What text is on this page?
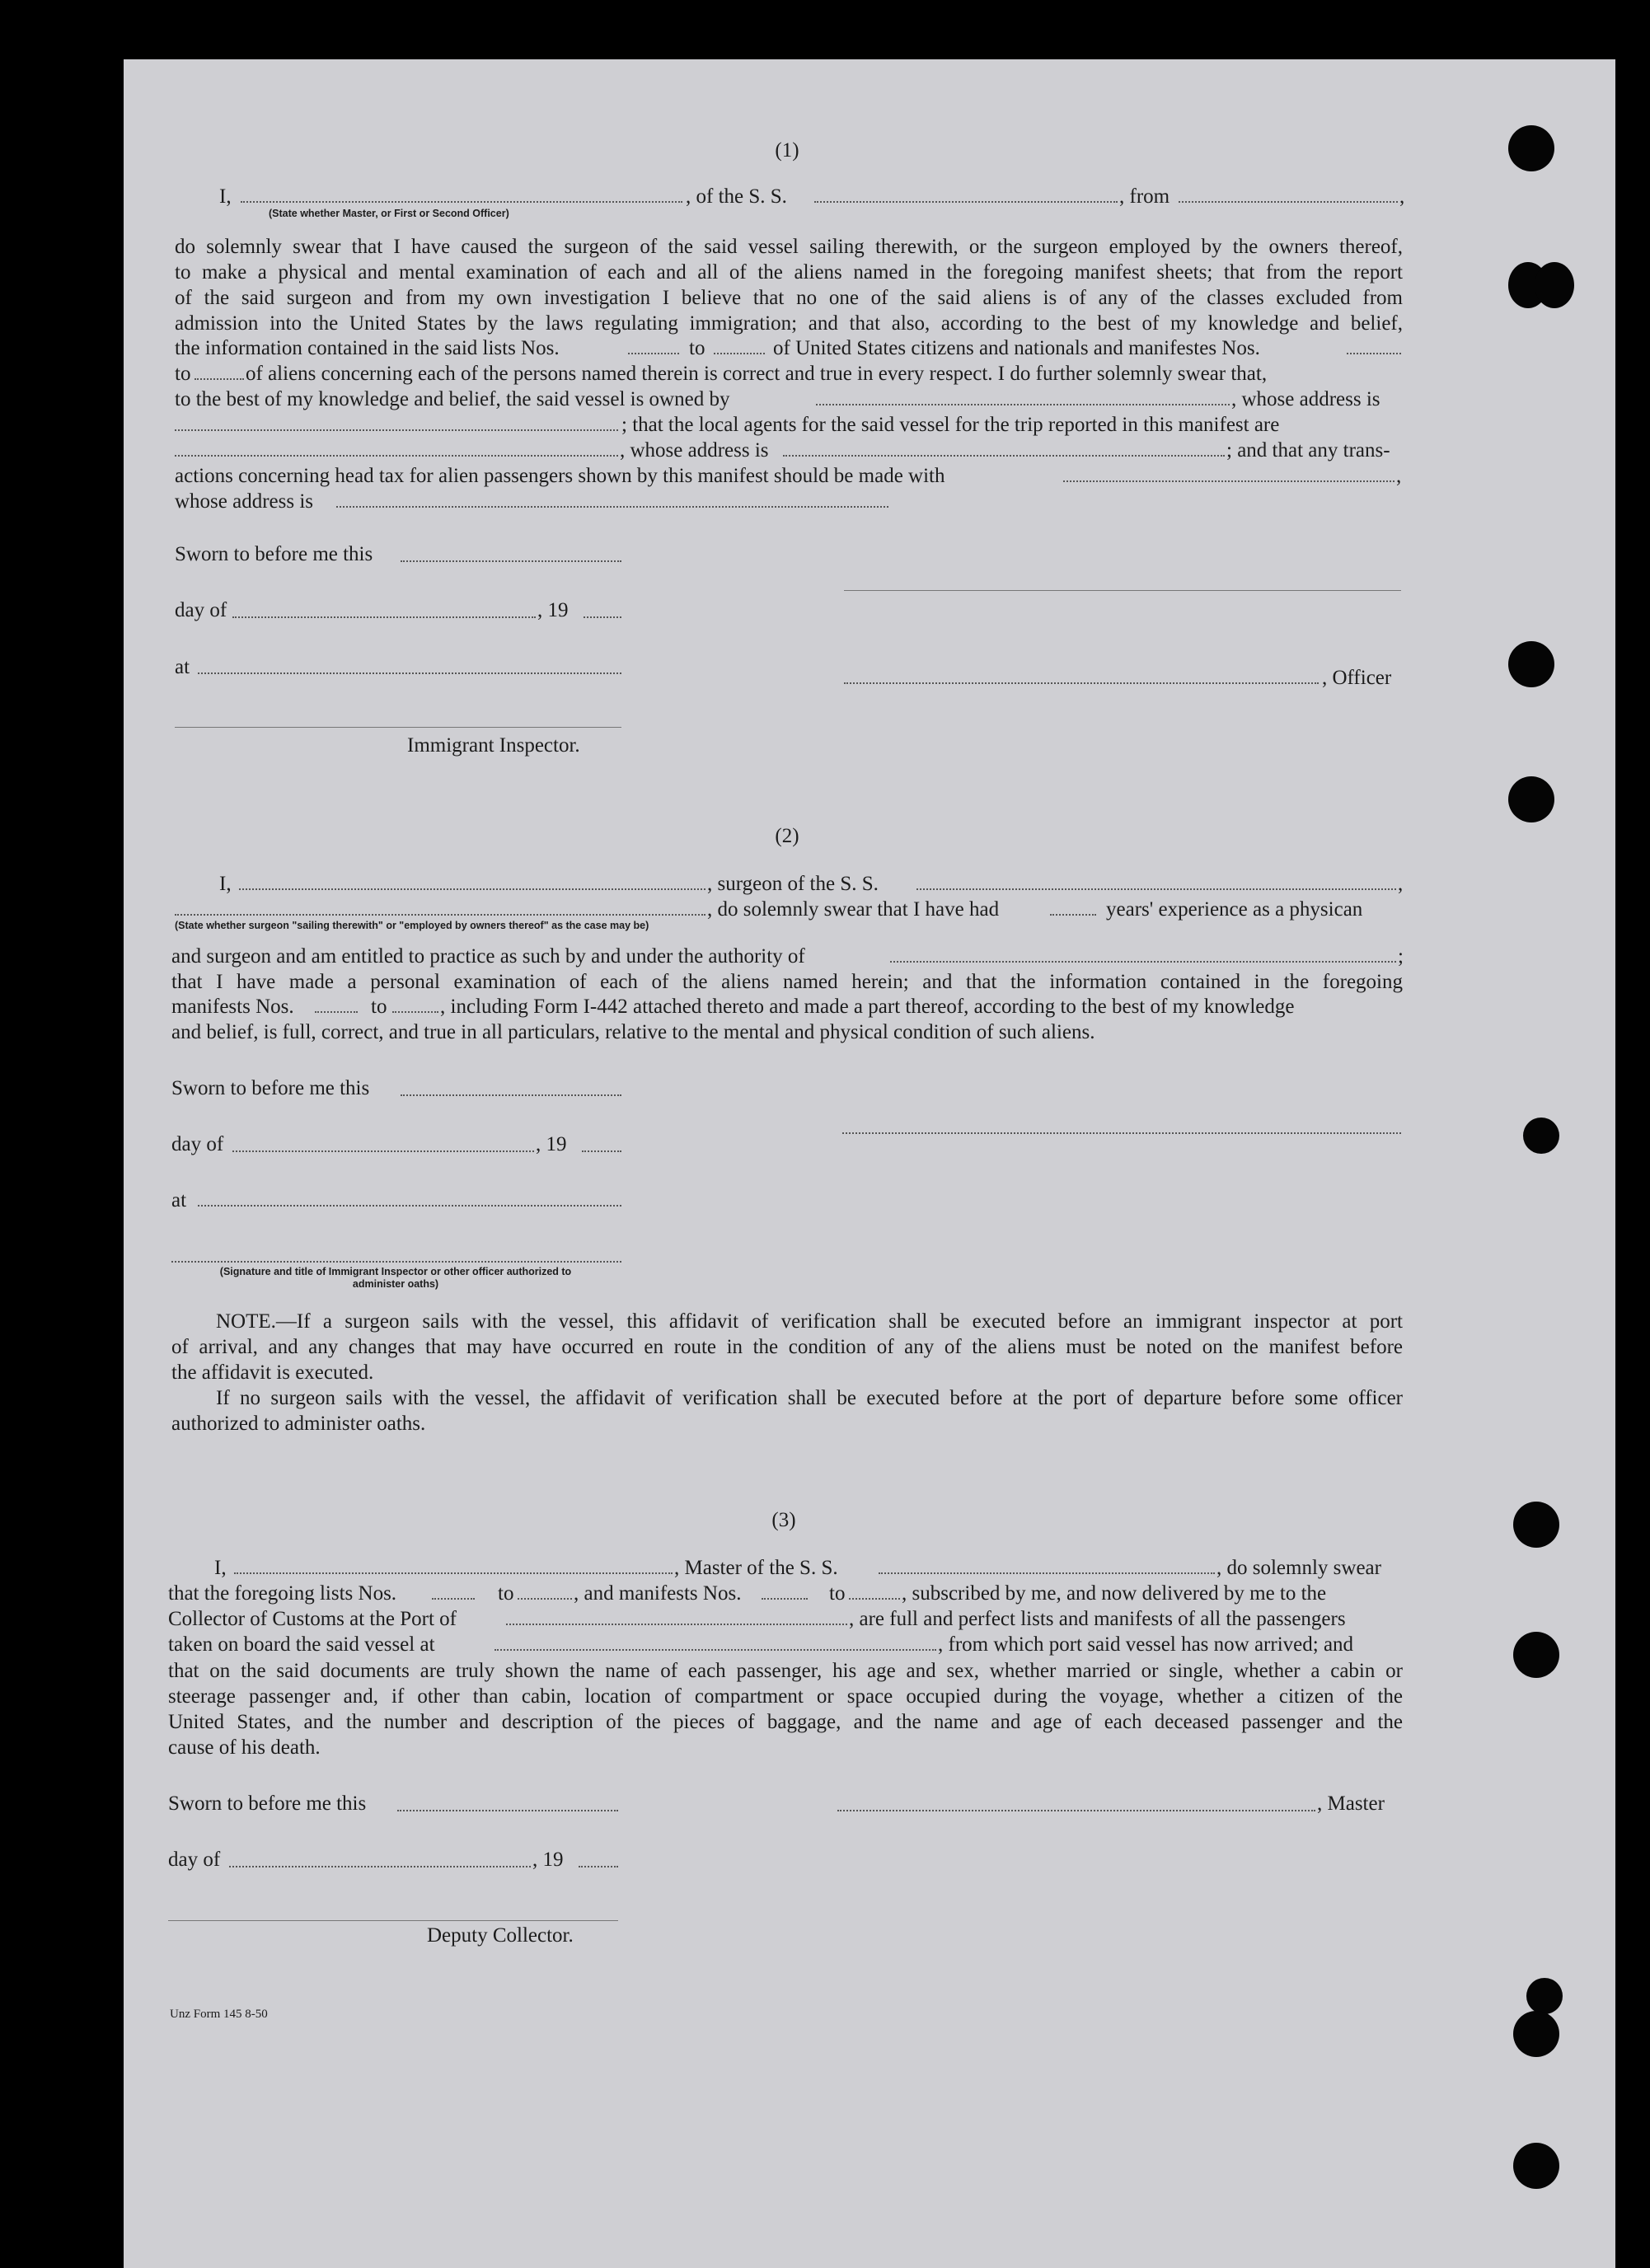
(1)
I,	, of the S. S.	, from	,
(State whether Master, or First or Second Officer)
do solemnly swear that I have caused the surgeon of the said vessel sailing therewith, or the surgeon employed by the owners thereof,
to make a physical and mental examination of each and all of the aliens named in the foregoing manifest sheets; that from the report
of the said surgeon and from my own investigation I believe that no one of the said aliens is of any of the classes excluded from
admission into the United States by the laws regulating immigration; and that also, according to the best of my knowledge and belief,
the information contained in the said lists Nos.	to	of United States citizens and nationals and manifestes Nos.
to	of aliens concerning each of the persons named therein is correct and true in every respect. I do further solemnly swear that,
to the best of my knowledge and belief, the said vessel is owned by	, whose address is
; that the local agents for the said vessel for the trip reported in this manifest are
, whose address is	; and that any trans-
actions concerning head tax for alien passengers shown by this manifest should be made with	,
whose address is
Sworn to before me this
day of	, 19
at	, Officer
Immigrant Inspector.
(2)
I,	, surgeon of the S. S.	,
, do solemnly swear that I have had	years' experience as a physican
(State whether surgeon "sailing therewith" or "employed by owners thereof" as the case may be)
and surgeon and am entitled to practice as such by and under the authority of	;
that I have made a personal examination of each of the aliens named herein; and that the information contained in the foregoing
manifests Nos.	to	, including Form I-442 attached thereto and made a part thereof, according to the best of my knowledge
and belief, is full, correct, and true in all particulars, relative to the mental and physical condition of such aliens.
Sworn to before me this
day of	, 19
at
(Signature and title of Immigrant Inspector or other officer authorized to administer oaths)
NOTE.—If a surgeon sails with the vessel, this affidavit of verification shall be executed before an immigrant inspector at port
of arrival, and any changes that may have occurred en route in the condition of any of the aliens must be noted on the manifest before
the affidavit is executed.
If no surgeon sails with the vessel, the affidavit of verification shall be executed before at the port of departure before some officer
authorized to administer oaths.
(3)
I,	, Master of the S. S.	, do solemnly swear
that the foregoing lists Nos.	to	, and manifests Nos.	to	, subscribed by me, and now delivered by me to the
Collector of Customs at the Port of	, are full and perfect lists and manifests of all the passengers
taken on board the said vessel at	, from which port said vessel has now arrived; and
that on the said documents are truly shown the name of each passenger, his age and sex, whether married or single, whether a cabin or
steerage passenger and, if other than cabin, location of compartment or space occupied during the voyage, whether a citizen of the
United States, and the number and description of the pieces of baggage, and the name and age of each deceased passenger and the
cause of his death.
Sworn to before me this	, Master
day of	, 19
Deputy Collector.
Unz Form 145 8-50
